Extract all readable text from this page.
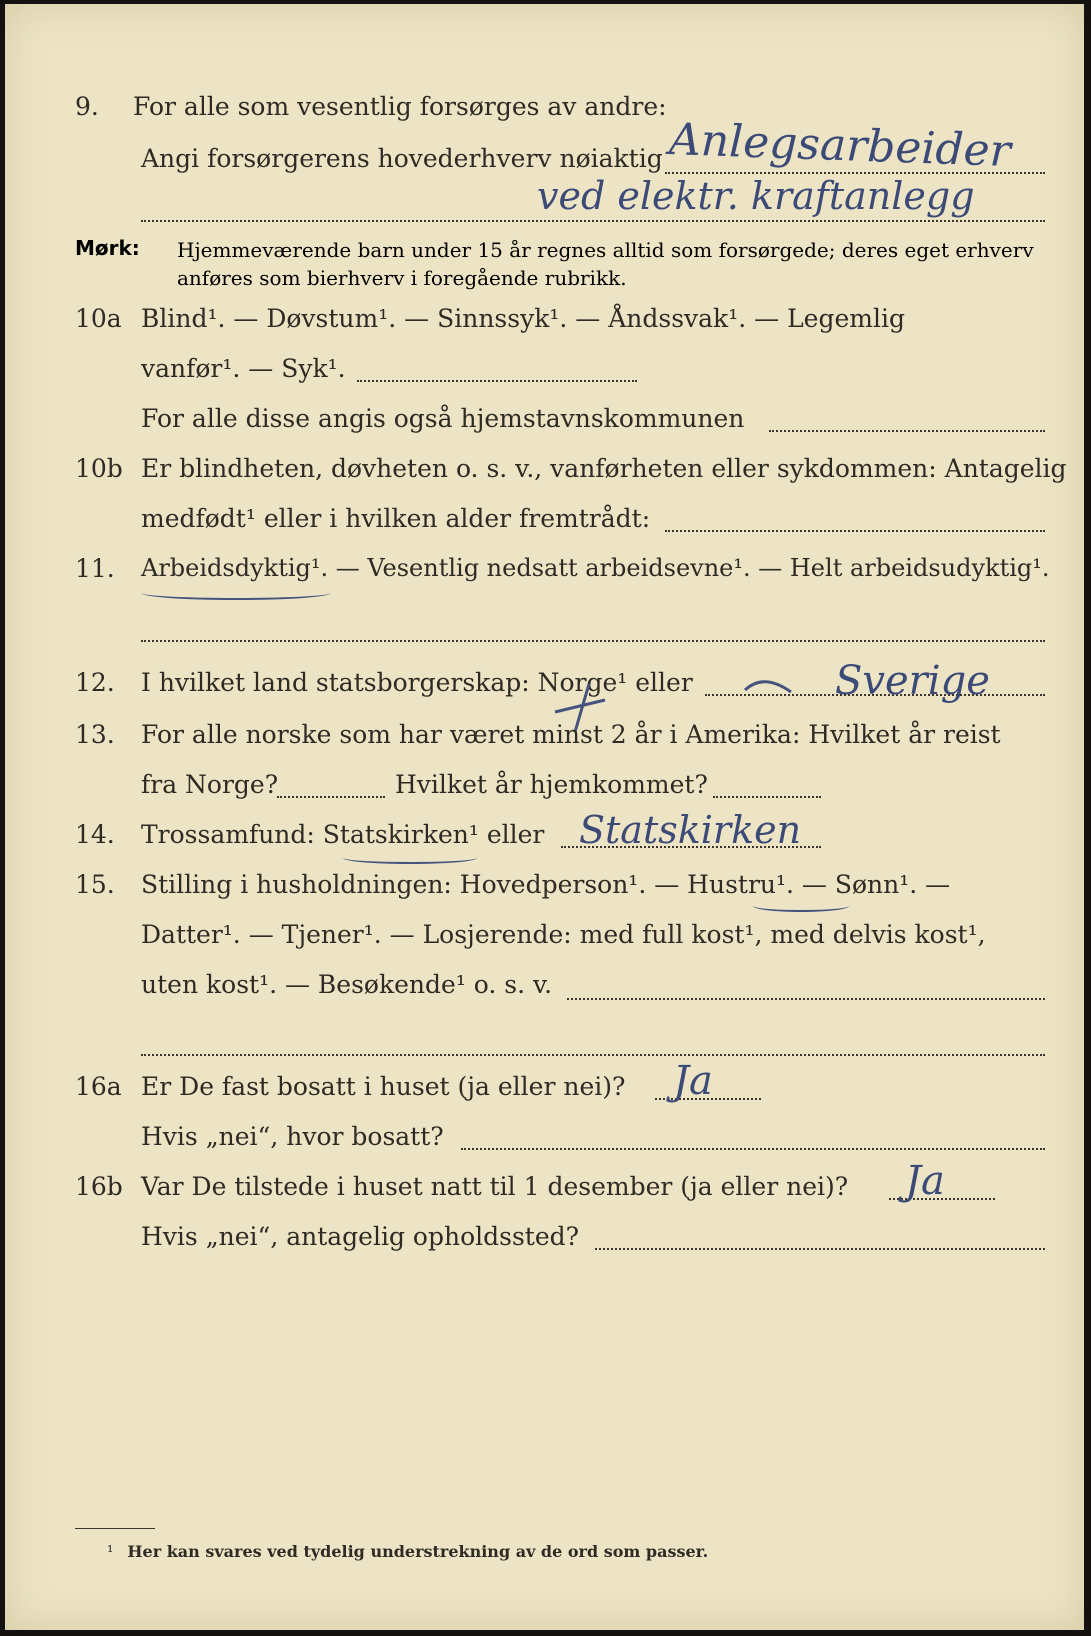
9. For alle som vesentlig forsørges av andre:
Angi forsørgerens hovederhverv nøiaktig Anlegsarbeider
ved elektr. kraftanlegg
Mørk: Hjemmeværende barn under 15 år regnes alltid som forsørgede; deres eget erhverv
anføres som bierhverv i foregående rubrikk.
10a Blind¹. — Døvstum¹. — Sinnssyk¹. — Åndssvak¹. — Legemlig
vanfør¹. — Syk¹.
For alle disse angis også hjemstavnskommunen
10b Er blindheten, døvheten o. s. v., vanførheten eller sykdommen: Antagelig
medfødt¹ eller i hvilken alder fremtrådt:
11. Arbeidsdyktig¹. — Vesentlig nedsatt arbeidsevne¹. — Helt arbeidsudyktig¹.
12. I hvilket land statsborgerskap: Norge¹ eller	Sverige
13. For alle norske som har været minst 2 år i Amerika: Hvilket år reist
fra Norge?	Hvilket år hjemkommet?
14. Trossamfund: Statskirken¹ eller Statskirken
15. Stilling i husholdningen: Hovedperson¹. — Hustru¹. — Sønn¹. —
Datter¹. — Tjener¹. — Losjerende: med full kost¹, med delvis kost¹,
uten kost¹. — Besøkende¹ o. s. v.
16a Er De fast bosatt i huset (ja eller nei)? Ja
Hvis „nei“, hvor bosatt?
16b Var De tilstede i huset natt til 1 desember (ja eller nei)? Ja
Hvis „nei“, antagelig opholdssted?
¹ Her kan svares ved tydelig understrekning av de ord som passer.
